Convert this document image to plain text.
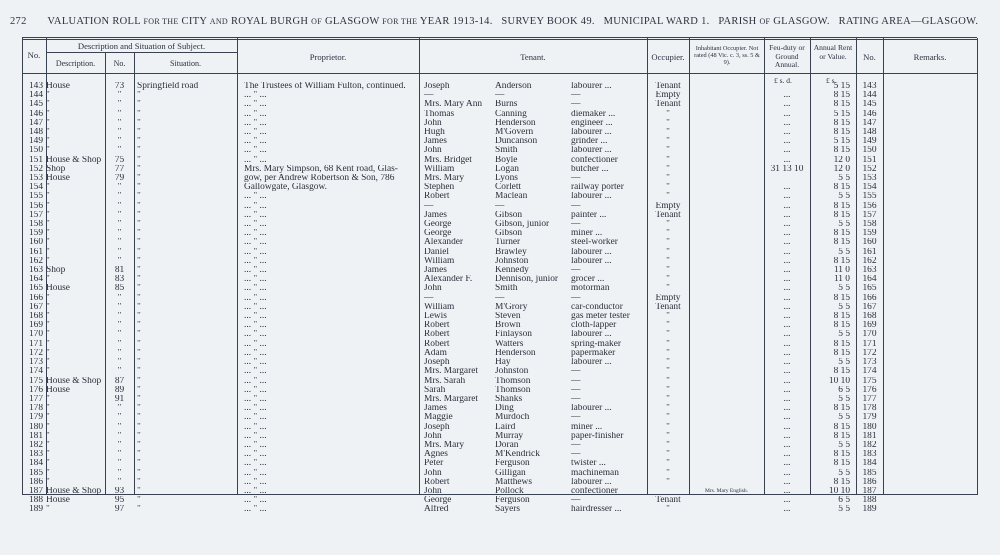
272 VALUATION ROLL FOR THE CITY AND ROYAL BURGH OF GLASGOW FOR THE YEAR 1913-14. SURVEY BOOK 49. MUNICIPAL WARD 1. PARISH OF GLASGOW. RATING AREA—GLASGOW.
No.
Description and Situation of Subject.
Description.	No.	Situation.
Proprietor.	Tenant.	Occupier.
Inhabitant Occupier. Not rated (48 Vic. c. 3, ss. 5 & 9).
Feu-duty or Ground Annual.
Annual Rent or Value.	No.	Remarks.
£ s. d.	£ s.
143	House	73	Springfield road	The Trustees of William Fulton, continued.	Joseph	Anderson	labourer ...	Tenant			5 15	143
144	"	"	"	... " ...	—	—	—	Empty		...	8 15	144
145	"	"	"	... " ...	Mrs. Mary Ann	Burns	—	Tenant		...	8 15	145
146	"	"	"	... " ...	Thomas	Canning	diemaker ...	"		...	5 15	146
147	"	"	"	... " ...	John	Henderson	engineer ...	"		...	8 15	147
148	"	"	"	... " ...	Hugh	M'Govern	labourer ...	"		...	8 15	148
149	"	"	"	... " ...	James	Duncanson	grinder ...	"		...	5 15	149
150	"	"	"	... " ...	John	Smith	labourer ...	"		...	8 15	150
151	House & Shop	75	"	... " ...	Mrs. Bridget	Boyle	confectioner	"		...	12 0	151
152	Shop	77	"	Mrs. Mary Simpson, 68 Kent road, Glas-	William	Logan	butcher ...	"		31 13 10	12 0	152
153	House	79	"	gow, per Andrew Robertson & Son, 786	Mrs. Mary	Lyons	—	"			5 5	153
154	"	"	"	Gallowgate, Glasgow.	Stephen	Corlett	railway porter	"		...	8 15	154
155	"	"	"	... " ...	Robert	Maclean	labourer ...	"		...	5 5	155
156	"	"	"	... " ...	—	—	—	Empty		...	8 15	156
157	"	"	"	... " ...	James	Gibson	painter ...	Tenant		...	8 15	157
158	"	"	"	... " ...	George	Gibson, junior	—	"		...	5 5	158
159	"	"	"	... " ...	George	Gibson	miner ...	"		...	8 15	159
160	"	"	"	... " ...	Alexander	Turner	steel-worker	"		...	8 15	160
161	"	"	"	... " ...	Daniel	Brawley	labourer ...	"		...	5 5	161
162	"	"	"	... " ...	William	Johnston	labourer ...	"		...	8 15	162
163	Shop	81	"	... " ...	James	Kennedy	—	"		...	11 0	163
164	"	83	"	... " ...	Alexander F.	Dennison, junior	grocer ...	"		...	11 0	164
165	House	85	"	... " ...	John	Smith	motorman	"		...	5 5	165
166	"	"	"	... " ...	—	—	—	Empty		...	8 15	166
167	"	"	"	... " ...	William	M'Grory	car-conductor	Tenant		...	5 5	167
168	"	"	"	... " ...	Lewis	Steven	gas meter tester	"		...	8 15	168
169	"	"	"	... " ...	Robert	Brown	cloth-lapper	"		...	8 15	169
170	"	"	"	... " ...	Robert	Finlayson	labourer ...	"		...	5 5	170
171	"	"	"	... " ...	Robert	Watters	spring-maker	"		...	8 15	171
172	"	"	"	... " ...	Adam	Henderson	papermaker	"		...	8 15	172
173	"	"	"	... " ...	Joseph	Hay	labourer ...	"		...	5 5	173
174	"	"	"	... " ...	Mrs. Margaret	Johnston	—	"		...	8 15	174
175	House & Shop	87	"	... " ...	Mrs. Sarah	Thomson	—	"		...	10 10	175
176	House	89	"	... " ...	Sarah	Thomson	—	"		...	6 5	176
177	"	91	"	... " ...	Mrs. Margaret	Shanks	—	"		...	5 5	177
178	"	"	"	... " ...	James	Ding	labourer ...	"		...	8 15	178
179	"	"	"	... " ...	Maggie	Murdoch	—	"		...	5 5	179
180	"	"	"	... " ...	Joseph	Laird	miner ...	"		...	8 15	180
181	"	"	"	... " ...	John	Murray	paper-finisher	"		...	8 15	181
182	"	"	"	... " ...	Mrs. Mary	Doran	—	"		...	5 5	182
183	"	"	"	... " ...	Agnes	M'Kendrick	—	"		...	8 15	183
184	"	"	"	... " ...	Peter	Ferguson	twister ...	"		...	8 15	184
185	"	"	"	... " ...	John	Gilligan	machineman	"		...	5 5	185
186	"	"	"	... " ...	Robert	Matthews	labourer ...	"		...	8 15	186
187	House & Shop	93	"	... " ...	John	Pollock	confectioner		Mrs. Mary English.	...	10 10	187
188	House	95	"	... " ...	George	Ferguson	—	Tenant		...	6 5	188
189	"	97	"	... " ...	Alfred	Sayers	hairdresser ...	"		...	5 5	189
